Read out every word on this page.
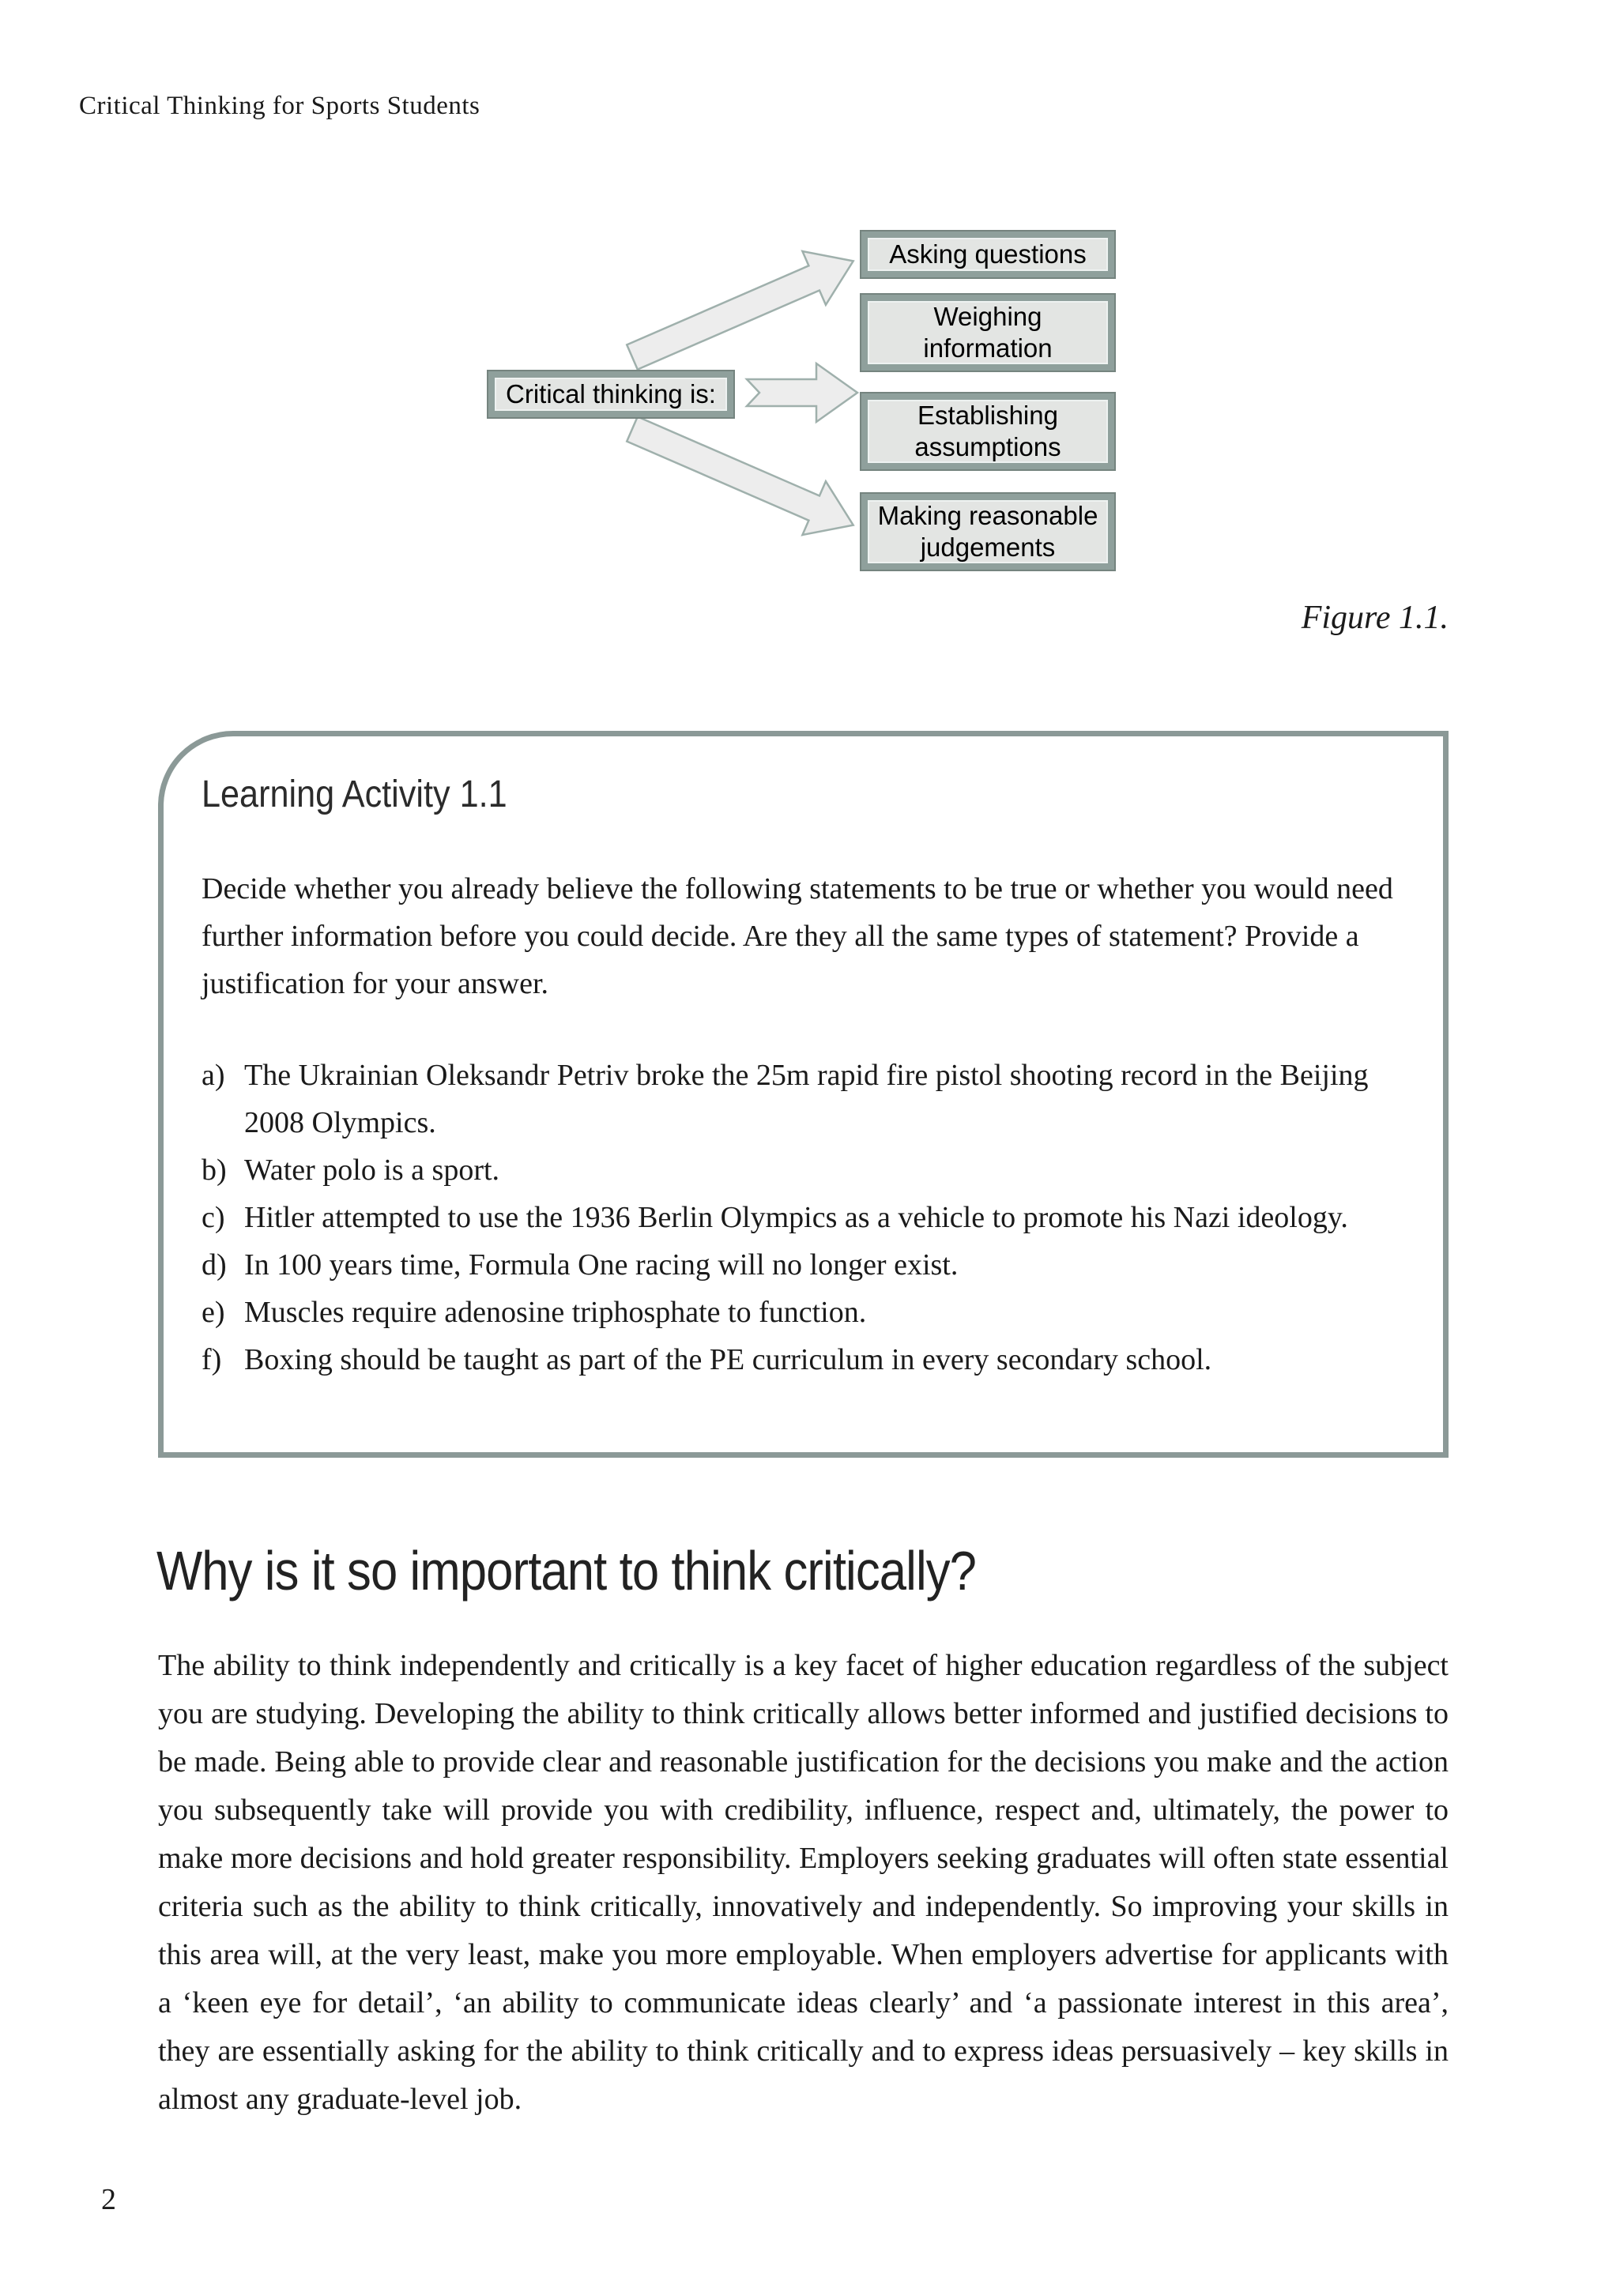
Critical Thinking for Sports Students
Critical thinking is:
Asking questions
Weighing information
Establishing assumptions
Making reasonable judgements
Figure 1.1.
Learning Activity 1.1

Decide whether you already believe the following statements to be true or whether you would need further information before you could decide. Are they all the same types of statement? Provide a justification for your answer.

a) The Ukrainian Oleksandr Petriv broke the 25m rapid fire pistol shooting record in the Beijing 2008 Olympics.
b) Water polo is a sport.
c) Hitler attempted to use the 1936 Berlin Olympics as a vehicle to promote his Nazi ideology.
d) In 100 years time, Formula One racing will no longer exist.
e) Muscles require adenosine triphosphate to function.
f) Boxing should be taught as part of the PE curriculum in every secondary school.
Why is it so important to think critically?

The ability to think independently and critically is a key facet of higher education regardless of the subject you are studying. Developing the ability to think critically allows better informed and justified decisions to be made. Being able to provide clear and reasonable justification for the decisions you make and the action you subsequently take will provide you with credibility, influence, respect and, ultimately, the power to make more decisions and hold greater responsibility. Employers seeking graduates will often state essential criteria such as the ability to think critically, innovatively and independently. So improving your skills in this area will, at the very least, make you more employable. When employers advertise for applicants with a ‘keen eye for detail’, ‘an ability to communicate ideas clearly’ and ‘a passionate interest in this area’, they are essentially asking for the ability to think critically and to express ideas persuasively – key skills in almost any graduate-level job.

2
